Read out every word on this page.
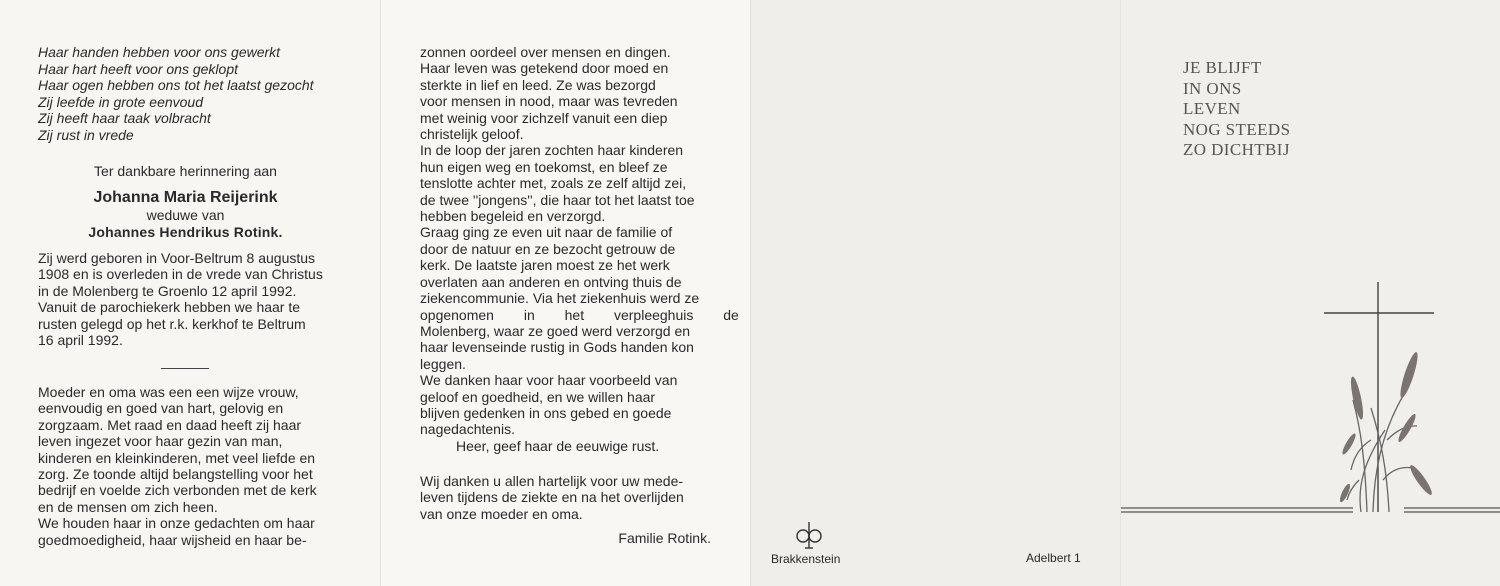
Haar handen hebben voor ons gewerkt
Haar hart heeft voor ons geklopt
Haar ogen hebben ons tot het laatst gezocht
Zij leefde in grote eenvoud
Zij heeft haar taak volbracht
Zij rust in vrede
Ter dankbare herinnering aan
Johanna Maria Reijerink
weduwe van
Johannes Hendrikus Rotink.
Zij werd geboren in Voor-Beltrum 8 augustus
1908 en is overleden in de vrede van Christus
in de Molenberg te Groenlo 12 april 1992.
Vanuit de parochiekerk hebben we haar te
rusten gelegd op het r.k. kerkhof te Beltrum
16 april 1992.
Moeder en oma was een een wijze vrouw,
eenvoudig en goed van hart, gelovig en
zorgzaam. Met raad en daad heeft zij haar
leven ingezet voor haar gezin van man,
kinderen en kleinkinderen, met veel liefde en
zorg. Ze toonde altijd belangstelling voor het
bedrijf en voelde zich verbonden met de kerk
en de mensen om zich heen.
We houden haar in onze gedachten om haar
goedmoedigheid, haar wijsheid en haar be-
zonnen oordeel over mensen en dingen.
Haar leven was getekend door moed en
sterkte in lief en leed. Ze was bezorgd
voor mensen in nood, maar was tevreden
met weinig voor zichzelf vanuit een diep
christelijk geloof.
In de loop der jaren zochten haar kinderen
hun eigen weg en toekomst, en bleef ze
tenslotte achter met, zoals ze zelf altijd zei,
de twee ''jongens'', die haar tot het laatst toe
hebben begeleid en verzorgd.
Graag ging ze even uit naar de familie of
door de natuur en ze bezocht getrouw de
kerk. De laatste jaren moest ze het werk
overlaten aan anderen en ontving thuis de
ziekencommunie. Via het ziekenhuis werd ze
opgenomen in het verpleeghuis de
Molenberg, waar ze goed werd verzorgd en
haar levenseinde rustig in Gods handen kon
leggen.
We danken haar voor haar voorbeeld van
geloof en goedheid, en we willen haar
blijven gedenken in ons gebed en goede
nagedachtenis.
Heer, geef haar de eeuwige rust.
Wij danken u allen hartelijk voor uw mede-
leven tijdens de ziekte en na het overlijden
van onze moeder en oma.
Familie Rotink.
Brakkenstein	Adelbert 1
JE BLIJFT
IN ONS
LEVEN
NOG STEEDS
ZO DICHTBIJ
